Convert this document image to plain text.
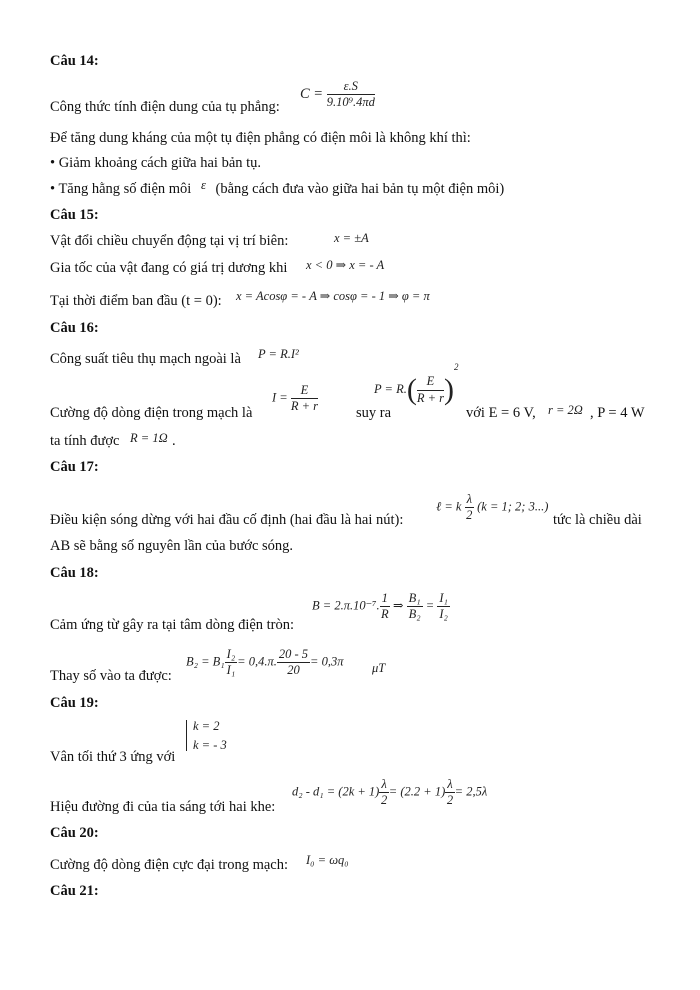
Câu 14:
Công thức tính điện dung của tụ phẳng:
$C = \frac{\varepsilon.S}{\text{9.10⁹.4πd}}$
Để tăng dung kháng của một tụ điện phẳng có điện môi là không khí thì:
• Giảm khoảng cách giữa hai bản tụ.
• Tăng hằng số điện môi ε (bằng cách đưa vào giữa hai bản tụ một điện môi)
Câu 15:
Vật đổi chiều chuyển động tại vị trí biên:	x = ±A
Gia tốc của vật đang có giá trị dương khi x < 0 ⇒ x = - A
Tại thời điểm ban đầu (t = 0): x = Acosφ = - A ⇒ cosφ = - 1 ⇒ φ = π
Câu 16:
Công suất tiêu thụ mạch ngoài là P = R.I²
Cường độ dòng điện trong mạch là
$I = \frac{E}{R + r}$	suy ra
$P = R.( \frac{E}{R + r} )^2$
với E = 6 V, r = 2Ω , P = 4 W
ta tính được R = 1Ω .
Câu 17:
Điều kiện sóng dừng với hai đầu cố định (hai đầu là hai nút):
ℓ = k $\frac{\lambda}{2} (k = 1$; 2; 3...)
tức là chiều dài
AB sẽ bằng số nguyên lần của bước sóng.
Câu 18:
B = 2.π.10⁻⁷. $\frac{1}{R}$ ⇒ $\frac{\text{B₁}}{\text{B₂}} = \frac{\text{I₁}}{\text{I₂}}$
Cảm ứng từ gây ra tại tâm dòng điện tròn:
$B_2 = B_1 \frac{\text{I₂}}{\text{I₁}} = 0,4.\pi$. $\frac{20 - 5}{20} = 0,3\pi$ μT
Thay số vào ta được:
Câu 19:
k = 2
k = - 3
Vân tối thứ 3 ứng với
$d_2 - d_1 = (2k + 1) \frac{\lambda}{2} = (2.2 + 1) \frac{\lambda}{2} = 2,5\lambda$
Hiệu đường đi của tia sáng tới hai khe:
Câu 20:
Cường độ dòng điện cực đại trong mạch: I₀ = ωq₀
Câu 21:
